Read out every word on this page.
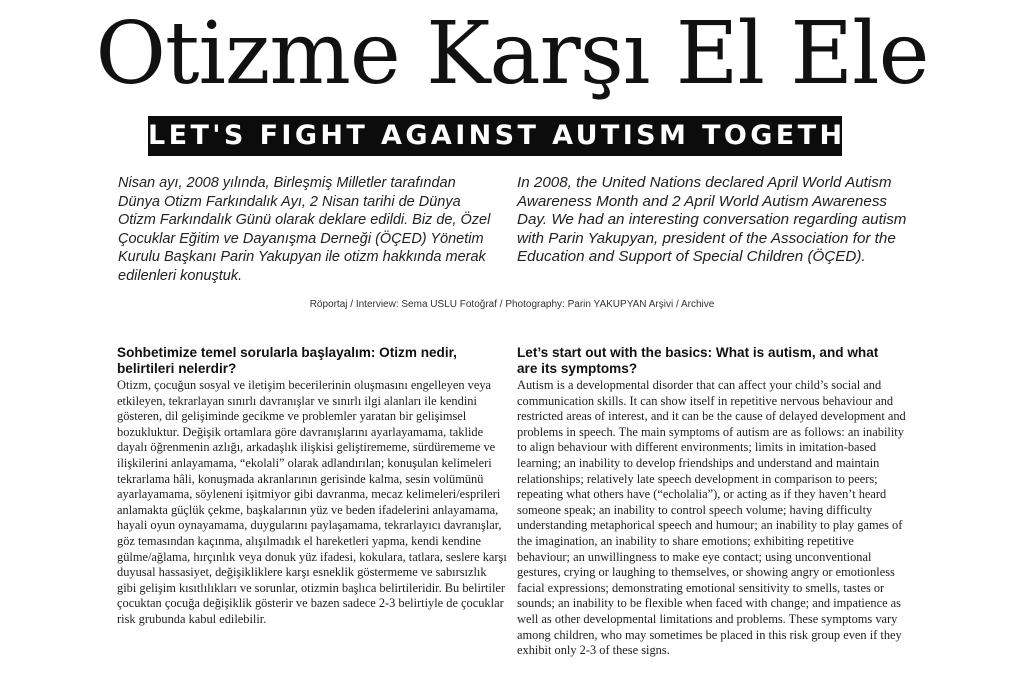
Otizme Karşı El Ele
LET'S FIGHT AGAINST AUTISM TOGETHER!

Nisan ayı, 2008 yılında, Birleşmiş Milletler tarafından Dünya Otizm Farkındalık Ayı, 2 Nisan tarihi de Dünya Otizm Farkındalık Günü olarak deklare edildi. Biz de, Özel Çocuklar Eğitim ve Dayanışma Derneği (ÖÇED) Yönetim Kurulu Başkanı Parin Yakupyan ile otizm hakkında merak edilenleri konuştuk.

In 2008, the United Nations declared April World Autism Awareness Month and 2 April World Autism Awareness Day. We had an interesting conversation regarding autism with Parin Yakupyan, president of the Association for the Education and Support of Special Children (ÖÇED).

Röportaj / Interview: Sema USLU Fotoğraf / Photography: Parin YAKUPYAN Arşivi / Archive
Sohbetimize temel sorularla başlayalım: Otizm nedir, belirtileri nelerdir?
Let’s start out with the basics: What is autism, and what are its symptoms?

Otizm, çocuğun sosyal ve iletişim becerilerinin oluşmasını engelleyen veya etkileyen, tekrarlayan sınırlı davranışlar ve sınırlı ilgi alanları ile kendini gösteren, dil gelişiminde gecikme ve problemler yaratan bir gelişimsel bozukluktur. Değişik ortamlara göre davranışlarını ayarlayamama, taklide dayalı öğrenmenin azlığı, arkadaşlık ilişkisi geliştirememe, sürdürememe ve ilişkilerini anlayamama, “ekolali” olarak adlandırılan; konuşulan kelimeleri tekrarlama hâli, konuşmada akranlarının gerisinde kalma, sesin volümünü ayarlayamama, söyleneni işitmiyor gibi davranma, mecaz kelimeleri/esprileri anlamakta güçlük çekme, başkalarının yüz ve beden ifadelerini anlayamama, hayali oyun oynayamama, duygularını paylaşamama, tekrarlayıcı davranışlar, göz temasından kaçınma, alışılmadık el hareketleri yapma, kendi kendine gülme/ağlama, hırçınlık veya donuk yüz ifadesi, kokulara, tatlara, seslere karşı duyusal hassasiyet, değişikliklere karşı esneklik göstermeme ve sabırsızlık gibi gelişim kısıtlılıkları ve sorunlar, otizmin başlıca belirtileridir. Bu belirtiler çocuktan çocuğa değişiklik gösterir ve bazen sadece 2-3 belirtiyle de çocuklar risk grubunda kabul edilebilir.

Autism is a developmental disorder that can affect your child’s social and communication skills. It can show itself in repetitive nervous behaviour and restricted areas of interest, and it can be the cause of delayed development and problems in speech. The main symptoms of autism are as follows: an inability to align behaviour with different environments; limits in imitation-based learning; an inability to develop friendships and understand and maintain relationships; relatively late speech development in comparison to peers; repeating what others have (“echolalia”), or acting as if they haven’t heard someone speak; an inability to control speech volume; having difficulty understanding metaphorical speech and humour; an inability to play games of the imagination, an inability to share emotions; exhibiting repetitive behaviour; an unwillingness to make eye contact; using unconventional gestures, crying or laughing to themselves, or showing angry or emotionless facial expressions; demonstrating emotional sensitivity to smells, tastes or sounds; an inability to be flexible when faced with change; and impatience as well as other developmental limitations and problems. These symptoms vary among children, who may sometimes be placed in this risk group even if they exhibit only 2-3 of these signs.
